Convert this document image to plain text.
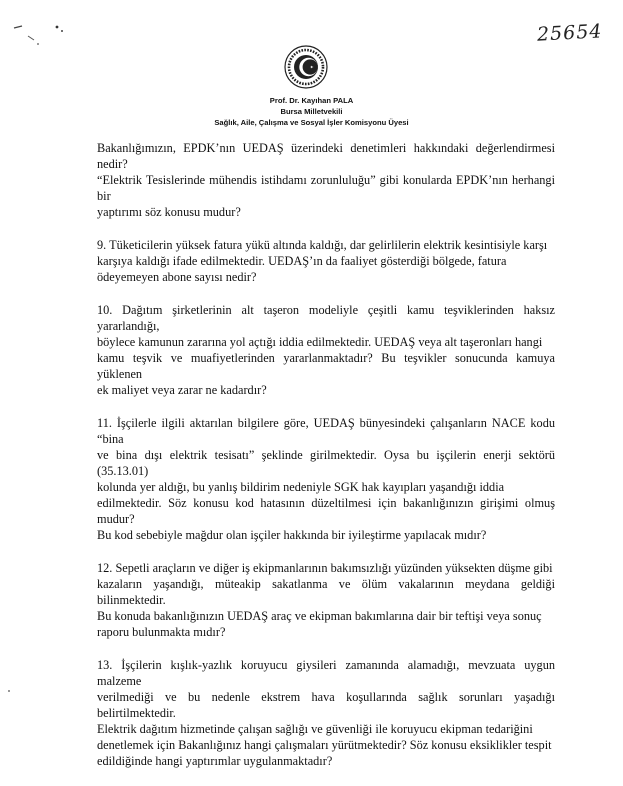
25654
Prof. Dr. Kayıhan PALA
Bursa Milletvekili
Sağlık, Aile, Çalışma ve Sosyal İşler Komisyonu Üyesi
Bakanlığımızın, EPDK’nın UEDAŞ üzerindeki denetimleri hakkındaki değerlendirmesi nedir?
“Elektrik Tesislerinde mühendis istihdamı zorunluluğu” gibi konularda EPDK’nın herhangi bir
yaptırımı söz konusu mudur?
9. Tüketicilerin yüksek fatura yükü altında kaldığı, dar gelirlilerin elektrik kesintisiyle karşı
karşıya kaldığı ifade edilmektedir. UEDAŞ’ın da faaliyet gösterdiği bölgede, fatura
ödeyemeyen abone sayısı nedir?
10. Dağıtım şirketlerinin alt taşeron modeliyle çeşitli kamu teşviklerinden haksız yararlandığı,
böylece kamunun zararına yol açtığı iddia edilmektedir. UEDAŞ veya alt taşeronları hangi
kamu teşvik ve muafiyetlerinden yararlanmaktadır? Bu teşvikler sonucunda kamuya yüklenen
ek maliyet veya zarar ne kadardır?
11. İşçilerle ilgili aktarılan bilgilere göre, UEDAŞ bünyesindeki çalışanların NACE kodu “bina
ve bina dışı elektrik tesisatı” şeklinde girilmektedir. Oysa bu işçilerin enerji sektörü (35.13.01)
kolunda yer aldığı, bu yanlış bildirim nedeniyle SGK hak kayıpları yaşandığı iddia
edilmektedir. Söz konusu kod hatasının düzeltilmesi için bakanlığınızın girişimi olmuş mudur?
Bu kod sebebiyle mağdur olan işçiler hakkında bir iyileştirme yapılacak mıdır?
12. Sepetli araçların ve diğer iş ekipmanlarının bakımsızlığı yüzünden yüksekten düşme gibi
kazaların yaşandığı, müteakip sakatlanma ve ölüm vakalarının meydana geldiği bilinmektedir.
Bu konuda bakanlığınızın UEDAŞ araç ve ekipman bakımlarına dair bir teftişi veya sonuç
raporu bulunmakta mıdır?
13. İşçilerin kışlık-yazlık koruyucu giysileri zamanında alamadığı, mevzuata uygun malzeme
verilmediği ve bu nedenle ekstrem hava koşullarında sağlık sorunları yaşadığı belirtilmektedir.
Elektrik dağıtım hizmetinde çalışan sağlığı ve güvenliği ile koruyucu ekipman tedariğini
denetlemek için Bakanlığınız hangi çalışmaları yürütmektedir? Söz konusu eksiklikler tespit
edildiğinde hangi yaptırımlar uygulanmaktadır?
